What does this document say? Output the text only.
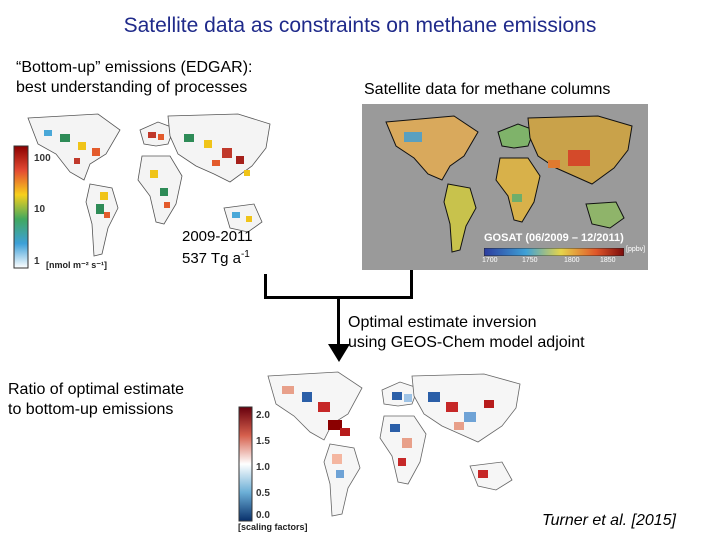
Satellite data as constraints on methane emissions
“Bottom-up” emissions (EDGAR):
best understanding of processes	Satellite data for methane columns
100
10
1 [nmol m⁻² s⁻¹]
2009-2011
537 Tg $a^{-1}$
GOSAT (06/2009 – 12/2011)
1700	1750	1800	1850
[ppbv]
Optimal estimate inversion
using GEOS-Chem model adjoint
Ratio of optimal estimate
to bottom-up emissions	2.0
1.5
1.0
0.5
0.0
[scaling factors]	Turner et al. [2015]
